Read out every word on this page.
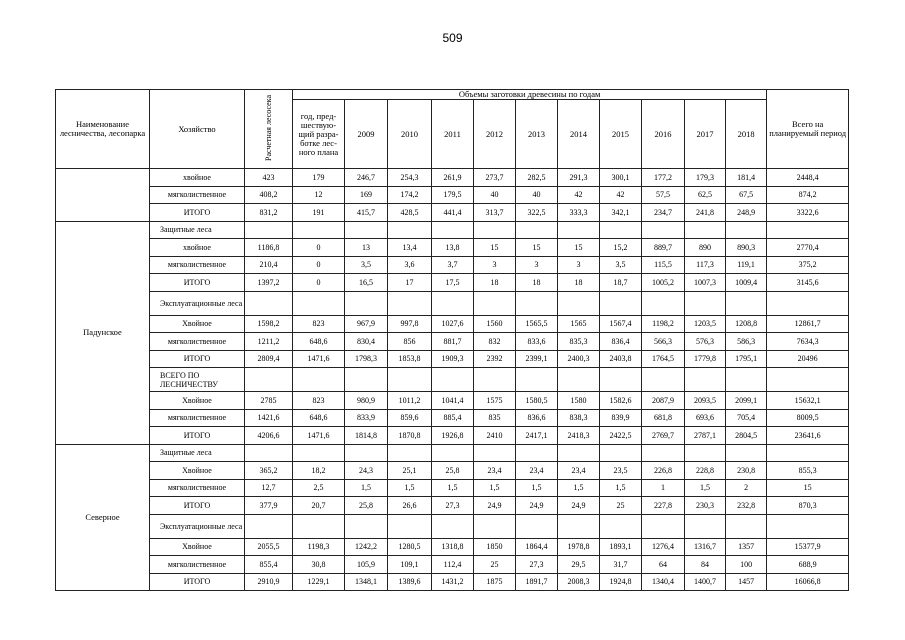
509
Наименование лесничества, лесопарка	Хозяйство	Расчетная лесосека	Объемы заготовки древесины по годам											Всего на планируемый период
			год, пред-шествую-щий разра-ботке лес-ного плана	2009	2010	2011	2012	2013	2014	2015	2016	2017	2018	
	хвойное	423	179	246,7	254,3	261,9	273,7	282,5	291,3	300,1	177,2	179,3	181,4	2448,4
	мягколиственное	408,2	12	169	174,2	179,5	40	40	42	42	57,5	62,5	67,5	874,2
	ИТОГО	831,2	191	415,7	428,5	441,4	313,7	322,5	333,3	342,1	234,7	241,8	248,9	3322,6
Падунское	Защитные леса													
	хвойное	1186,8	0	13	13,4	13,8	15	15	15	15,2	889,7	890	890,3	2770,4
	мягколиственное	210,4	0	3,5	3,6	3,7	3	3	3	3,5	115,5	117,3	119,1	375,2
	ИТОГО	1397,2	0	16,5	17	17,5	18	18	18	18,7	1005,2	1007,3	1009,4	3145,6
	Эксплуатационные леса													
	Хвойное	1598,2	823	967,9	997,8	1027,6	1560	1565,5	1565	1567,4	1198,2	1203,5	1208,8	12861,7
	мягколиственное	1211,2	648,6	830,4	856	881,7	832	833,6	835,3	836,4	566,3	576,3	586,3	7634,3
	ИТОГО	2809,4	1471,6	1798,3	1853,8	1909,3	2392	2399,1	2400,3	2403,8	1764,5	1779,8	1795,1	20496
	ВСЕГО ПО ЛЕСНИЧЕСТВУ													
	Хвойное	2785	823	980,9	1011,2	1041,4	1575	1580,5	1580	1582,6	2087,9	2093,5	2099,1	15632,1
	мягколиственное	1421,6	648,6	833,9	859,6	885,4	835	836,6	838,3	839,9	681,8	693,6	705,4	8009,5
	ИТОГО	4206,6	1471,6	1814,8	1870,8	1926,8	2410	2417,1	2418,3	2422,5	2769,7	2787,1	2804,5	23641,6
Северное	Защитные леса													
	Хвойное	365,2	18,2	24,3	25,1	25,8	23,4	23,4	23,4	23,5	226,8	228,8	230,8	855,3
	мягколиственное	12,7	2,5	1,5	1,5	1,5	1,5	1,5	1,5	1,5	1	1,5	2	15
	ИТОГО	377,9	20,7	25,8	26,6	27,3	24,9	24,9	24,9	25	227,8	230,3	232,8	870,3
	Эксплуатационные леса													
	Хвойное	2055,5	1198,3	1242,2	1280,5	1318,8	1850	1864,4	1978,8	1893,1	1276,4	1316,7	1357	15377,9
	мягколиственное	855,4	30,8	105,9	109,1	112,4	25	27,3	29,5	31,7	64	84	100	688,9
	ИТОГО	2910,9	1229,1	1348,1	1389,6	1431,2	1875	1891,7	2008,3	1924,8	1340,4	1400,7	1457	16066,8
